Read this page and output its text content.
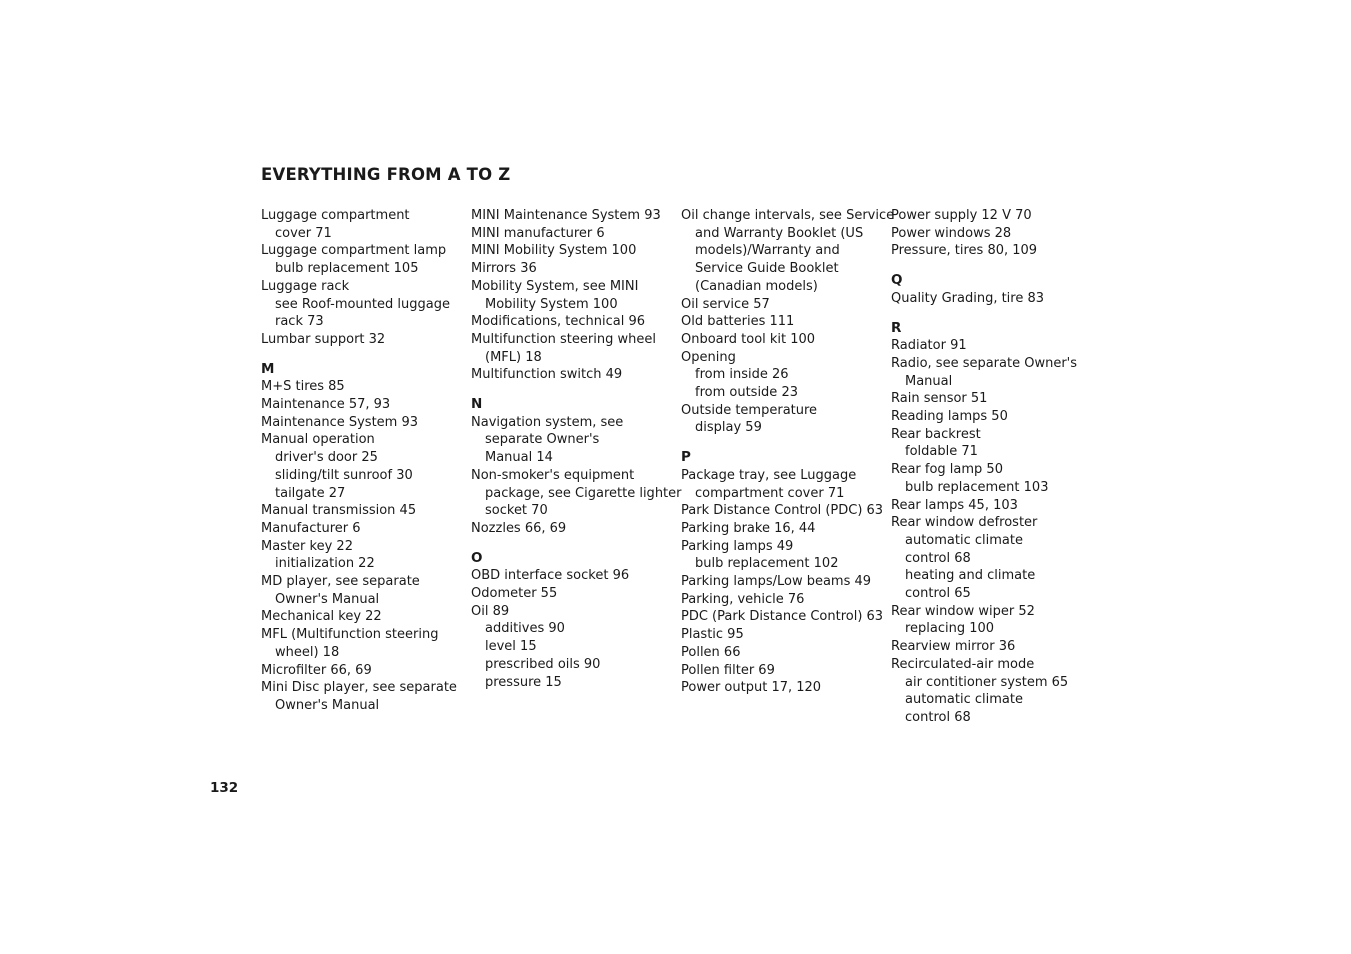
EVERYTHING FROM A TO Z
Luggage compartment
cover 71
Luggage compartment lamp
bulb replacement 105
Luggage rack
see Roof-mounted luggage
rack 73
Lumbar support 32
M
M+S tires 85
Maintenance 57, 93
Maintenance System 93
Manual operation
driver's door 25
sliding/tilt sunroof 30
tailgate 27
Manual transmission 45
Manufacturer 6
Master key 22
initialization 22
MD player, see separate
Owner's Manual
Mechanical key 22
MFL (Multifunction steering
wheel) 18
Microfilter 66, 69
Mini Disc player, see separate
Owner's Manual
MINI Maintenance System 93
MINI manufacturer 6
MINI Mobility System 100
Mirrors 36
Mobility System, see MINI
Mobility System 100
Modifications, technical 96
Multifunction steering wheel
(MFL) 18
Multifunction switch 49
N
Navigation system, see
separate Owner's
Manual 14
Non-smoker's equipment
package, see Cigarette lighter
socket 70
Nozzles 66, 69
O
OBD interface socket 96
Odometer 55
Oil 89
additives 90
level 15
prescribed oils 90
pressure 15
Oil change intervals, see Service
and Warranty Booklet (US
models)/Warranty and
Service Guide Booklet
(Canadian models)
Oil service 57
Old batteries 111
Onboard tool kit 100
Opening
from inside 26
from outside 23
Outside temperature
display 59
P
Package tray, see Luggage
compartment cover 71
Park Distance Control (PDC) 63
Parking brake 16, 44
Parking lamps 49
bulb replacement 102
Parking lamps/Low beams 49
Parking, vehicle 76
PDC (Park Distance Control) 63
Plastic 95
Pollen 66
Pollen filter 69
Power output 17, 120
Power supply 12 V 70
Power windows 28
Pressure, tires 80, 109
Q
Quality Grading, tire 83
R
Radiator 91
Radio, see separate Owner's
Manual
Rain sensor 51
Reading lamps 50
Rear backrest
foldable 71
Rear fog lamp 50
bulb replacement 103
Rear lamps 45, 103
Rear window defroster
automatic climate
control 68
heating and climate
control 65
Rear window wiper 52
replacing 100
Rearview mirror 36
Recirculated-air mode
air contitioner system 65
automatic climate
control 68
132
